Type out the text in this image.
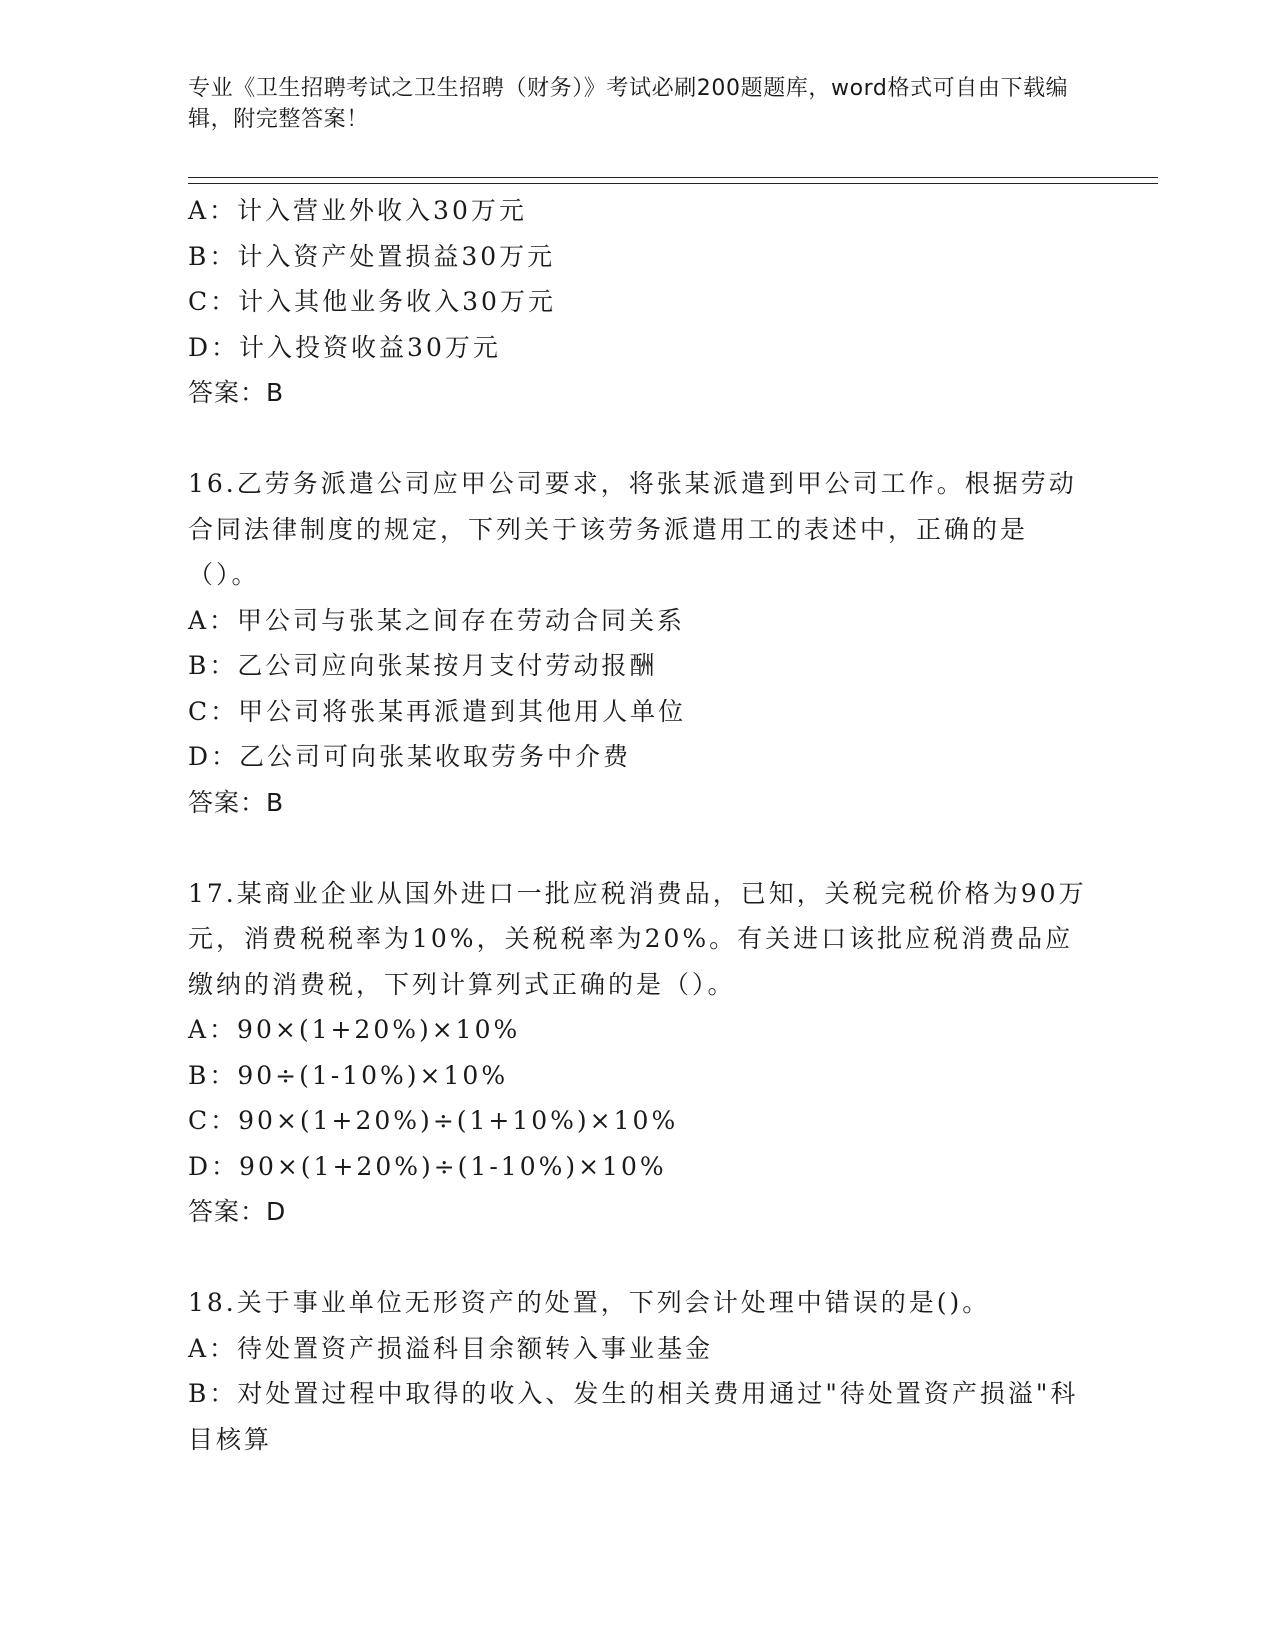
专业《卫生招聘考试之卫生招聘（财务）》考试必刷200题题库，word格式可自由下载编辑，附完整答案！

A：计入营业外收入30万元

B：计入资产处置损益30万元

C：计入其他业务收入30万元

D：计入投资收益30万元

答案：B

16.乙劳务派遣公司应甲公司要求，将张某派遣到甲公司工作。根据劳动合同法律制度的规定，下列关于该劳务派遣用工的表述中，正确的是（）。

A：甲公司与张某之间存在劳动合同关系

B：乙公司应向张某按月支付劳动报酬

C：甲公司将张某再派遣到其他用人单位

D：乙公司可向张某收取劳务中介费

答案：B

17.某商业企业从国外进口一批应税消费品，已知，关税完税价格为90万元，消费税税率为10%，关税税率为20%。有关进口该批应税消费品应缴纳的消费税，下列计算列式正确的是（）。

A：90×(1+20%)×10%

B：90÷(1-10%)×10%

C：90×(1+20%)÷(1+10%)×10%

D：90×(1+20%)÷(1-10%)×10%

答案：D

18.关于事业单位无形资产的处置，下列会计处理中错误的是()。

A：待处置资产损溢科目余额转入事业基金

B：对处置过程中取得的收入、发生的相关费用通过"待处置资产损溢"科目核算
